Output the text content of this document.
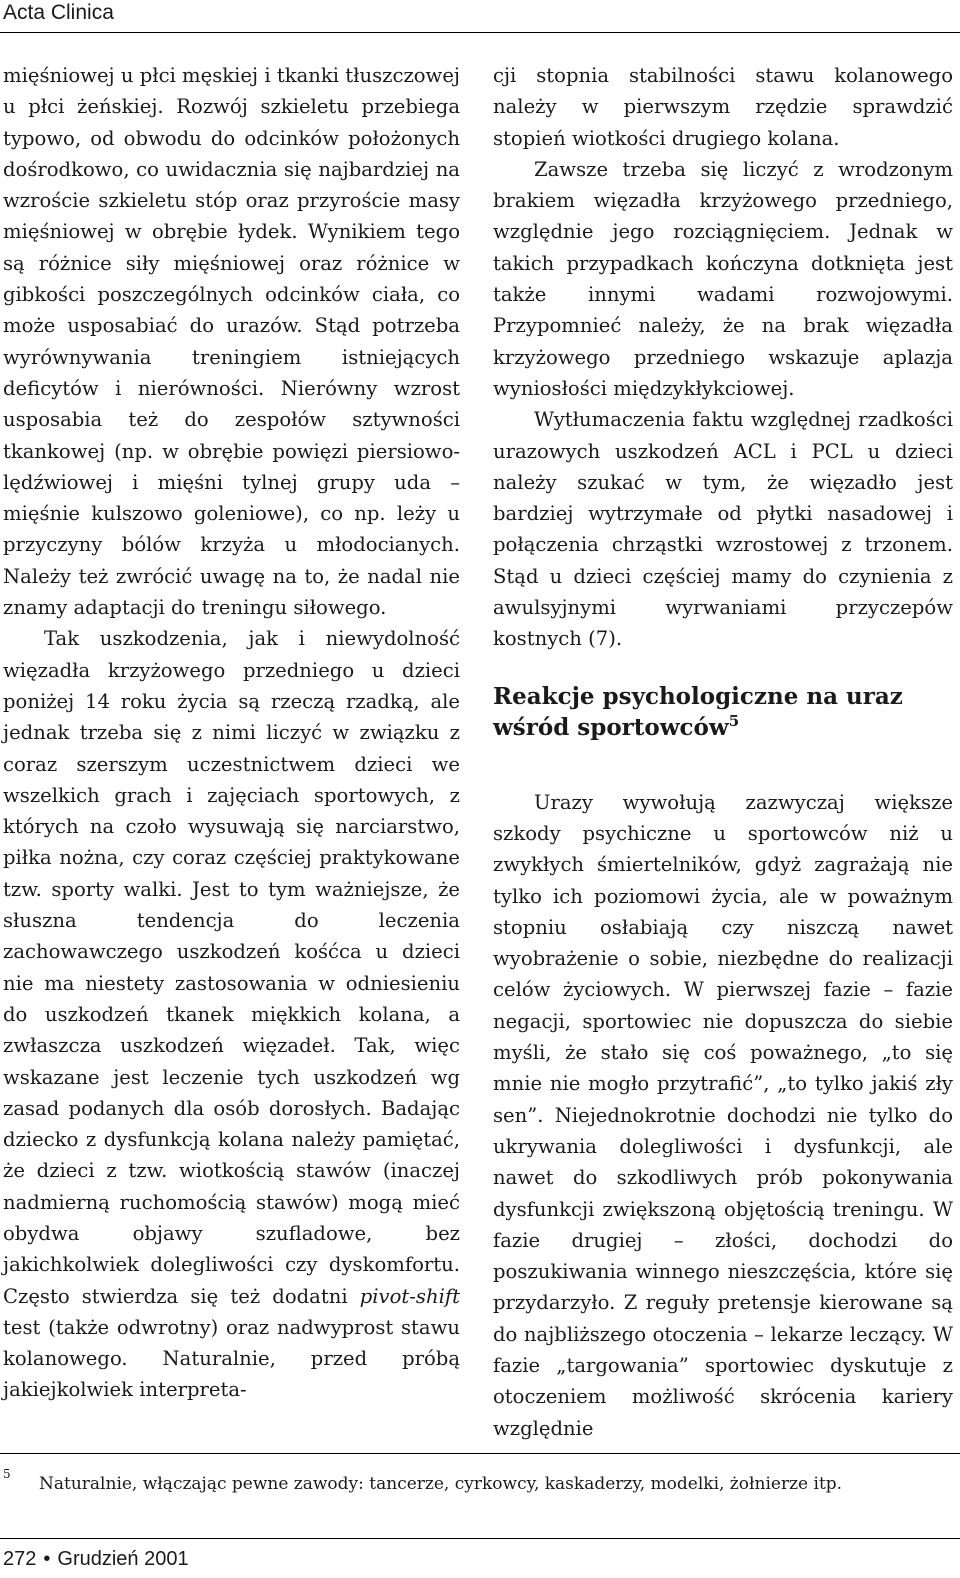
Acta Clinica

mięśniowej u płci męskiej i tkanki tłuszczowej u płci żeńskiej. Rozwój szkieletu przebiega typowo, od obwodu do odcinków położonych dośrodkowo, co uwidacznia się najbardziej na wzroście szkieletu stóp oraz przyroście masy mięśniowej w obrębie łydek. Wynikiem tego są różnice siły mięśniowej oraz różnice w gibkości poszczególnych odcinków ciała, co może usposabiać do urazów. Stąd potrzeba wyrównywania treningiem istniejących deficytów i nierówności. Nierówny wzrost usposabia też do zespołów sztywności tkankowej (np. w obrębie powięzi piersiowo-lędźwiowej i mięśni tylnej grupy uda – mięśnie kulszowo goleniowe), co np. leży u przyczyny bólów krzyża u młodocianych. Należy też zwrócić uwagę na to, że nadal nie znamy adaptacji do treningu siłowego.

Tak uszkodzenia, jak i niewydolność więzadła krzyżowego przedniego u dzieci poniżej 14 roku życia są rzeczą rzadką, ale jednak trzeba się z nimi liczyć w związku z coraz szerszym uczestnictwem dzieci we wszelkich grach i zajęciach sportowych, z których na czoło wysuwają się narciarstwo, piłka nożna, czy coraz częściej praktykowane tzw. sporty walki. Jest to tym ważniejsze, że słuszna tendencja do leczenia zachowawczego uszkodzeń kośćca u dzieci nie ma niestety zastosowania w odniesieniu do uszkodzeń tkanek miękkich kolana, a zwłaszcza uszkodzeń więzadeł. Tak, więc wskazane jest leczenie tych uszkodzeń wg zasad podanych dla osób dorosłych. Badając dziecko z dysfunkcją kolana należy pamiętać, że dzieci z tzw. wiotkością stawów (inaczej nadmierną ruchomością stawów) mogą mieć obydwa objawy szufladowe, bez jakichkolwiek dolegliwości czy dyskomfortu. Często stwierdza się też dodatni pivot-shift test (także odwrotny) oraz nadwyprost stawu kolanowego. Naturalnie, przed próbą jakiejkolwiek interpreta-

cji stopnia stabilności stawu kolanowego należy w pierwszym rzędzie sprawdzić stopień wiotkości drugiego kolana.

Zawsze trzeba się liczyć z wrodzonym brakiem więzadła krzyżowego przedniego, względnie jego rozciągnięciem. Jednak w takich przypadkach kończyna dotknięta jest także innymi wadami rozwojowymi. Przypomnieć należy, że na brak więzadła krzyżowego przedniego wskazuje aplazja wyniosłości międzykłykciowej.

Wytłumaczenia faktu względnej rzadkości urazowych uszkodzeń ACL i PCL u dzieci należy szukać w tym, że więzadło jest bardziej wytrzymałe od płytki nasadowej i połączenia chrząstki wzrostowej z trzonem. Stąd u dzieci częściej mamy do czynienia z awulsyjnymi wyrwaniami przyczepów kostnych (7).

Reakcje psychologiczne na uraz
wśród sportowców$^5$

Urazy wywołują zazwyczaj większe szkody psychiczne u sportowców niż u zwykłych śmiertelników, gdyż zagrażają nie tylko ich poziomowi życia, ale w poważnym stopniu osłabiają czy niszczą nawet wyobrażenie o sobie, niezbędne do realizacji celów życiowych. W pierwszej fazie – fazie negacji, sportowiec nie dopuszcza do siebie myśli, że stało się coś poważnego, „to się mnie nie mogło przytrafić”, „to tylko jakiś zły sen”. Niejednokrotnie dochodzi nie tylko do ukrywania dolegliwości i dysfunkcji, ale nawet do szkodliwych prób pokonywania dysfunkcji zwiększoną objętością treningu. W fazie drugiej – złości, dochodzi do poszukiwania winnego nieszczęścia, które się przydarzyło. Z reguły pretensje kierowane są do najbliższego otoczenia – lekarze leczący. W fazie „targowania” sportowiec dyskutuje z otoczeniem możliwość skrócenia kariery względnie

5 Naturalnie, włączając pewne zawody: tancerze, cyrkowcy, kaskaderzy, modelki, żołnierze itp.
272 • Grudzień 2001
